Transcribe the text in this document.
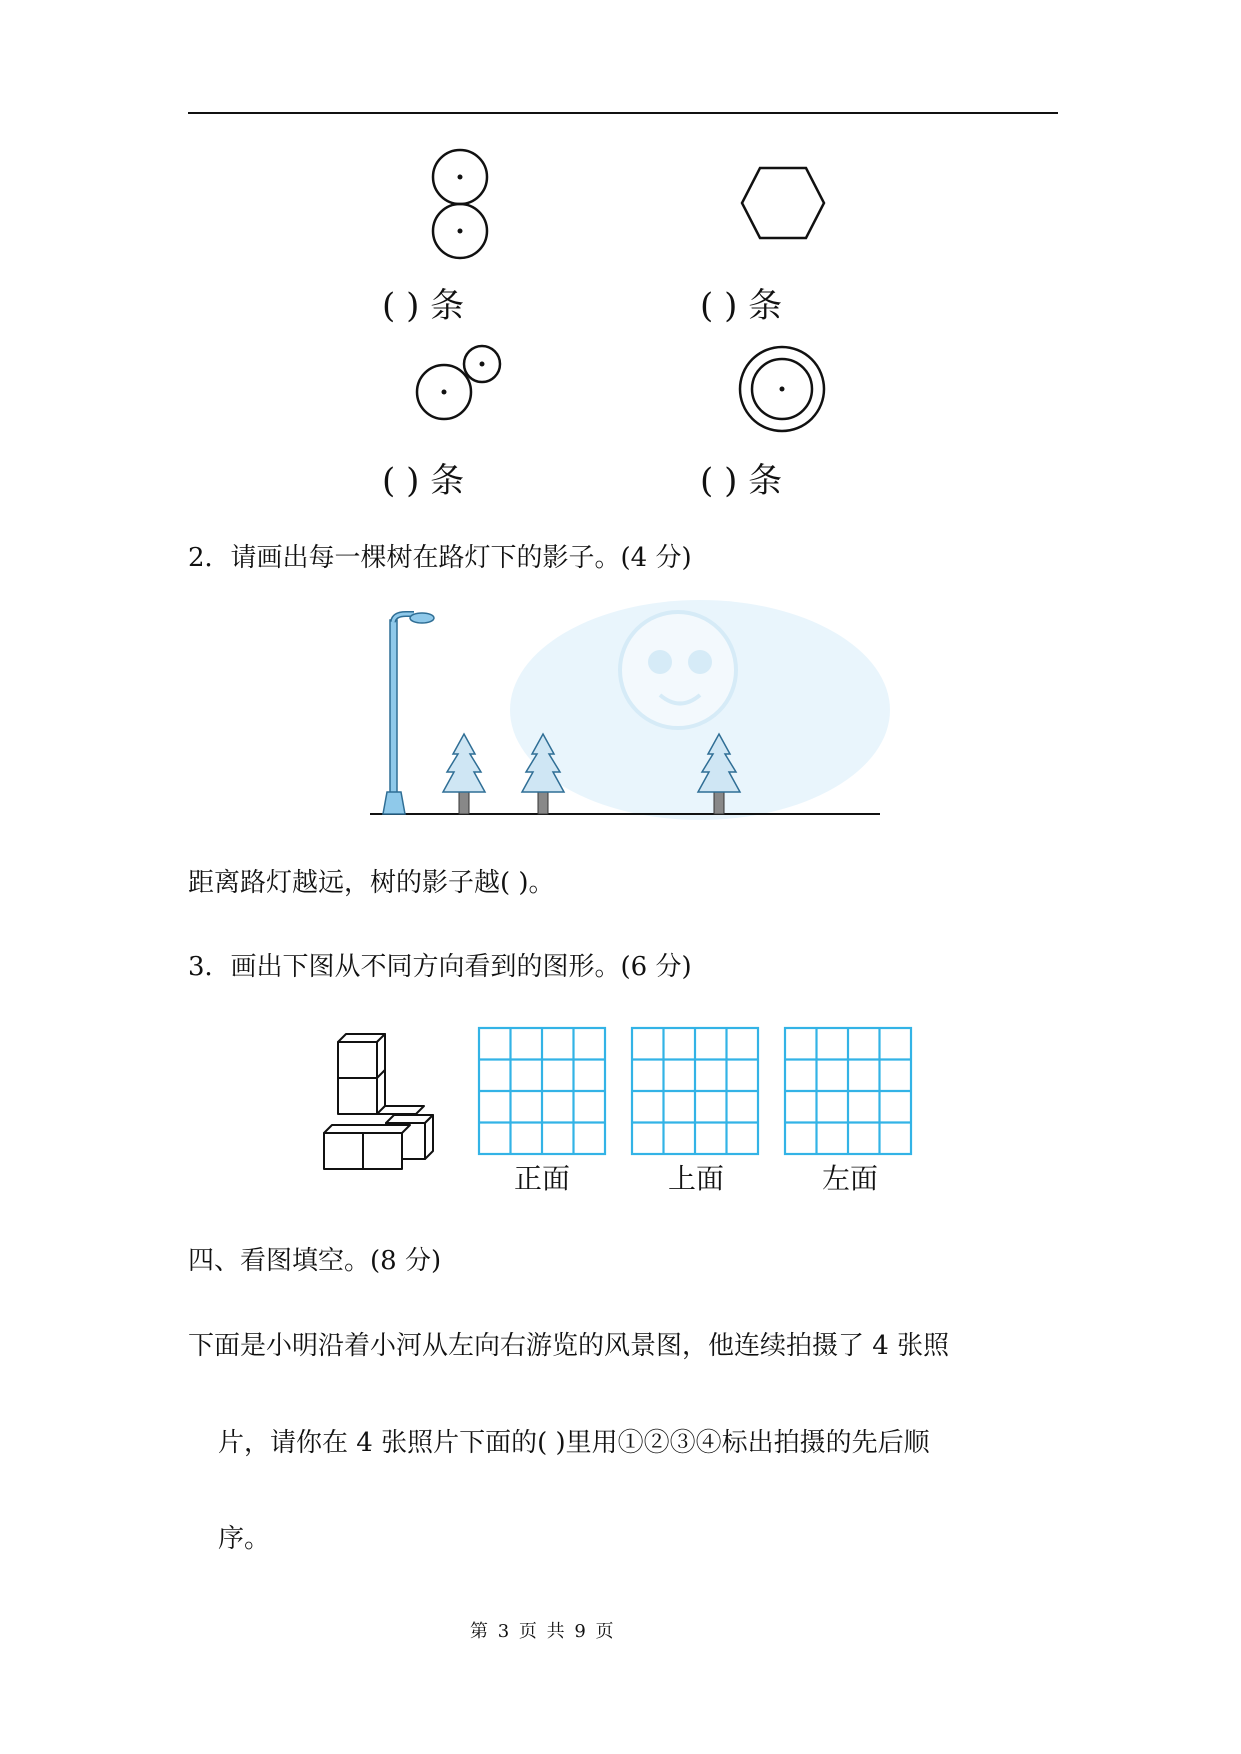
( ) 条	( ) 条
( ) 条	( ) 条
2．请画出每一棵树在路灯下的影子。(4 分)
距离路灯越远，树的影子越( )。
3．画出下图从不同方向看到的图形。(6 分)
正面	上面	左面
四、看图填空。(8 分)
下面是小明沿着小河从左向右游览的风景图，他连续拍摄了 4 张照
片，请你在 4 张照片下面的( )里用①②③④标出拍摄的先后顺
序。
第 3 页 共 9 页
